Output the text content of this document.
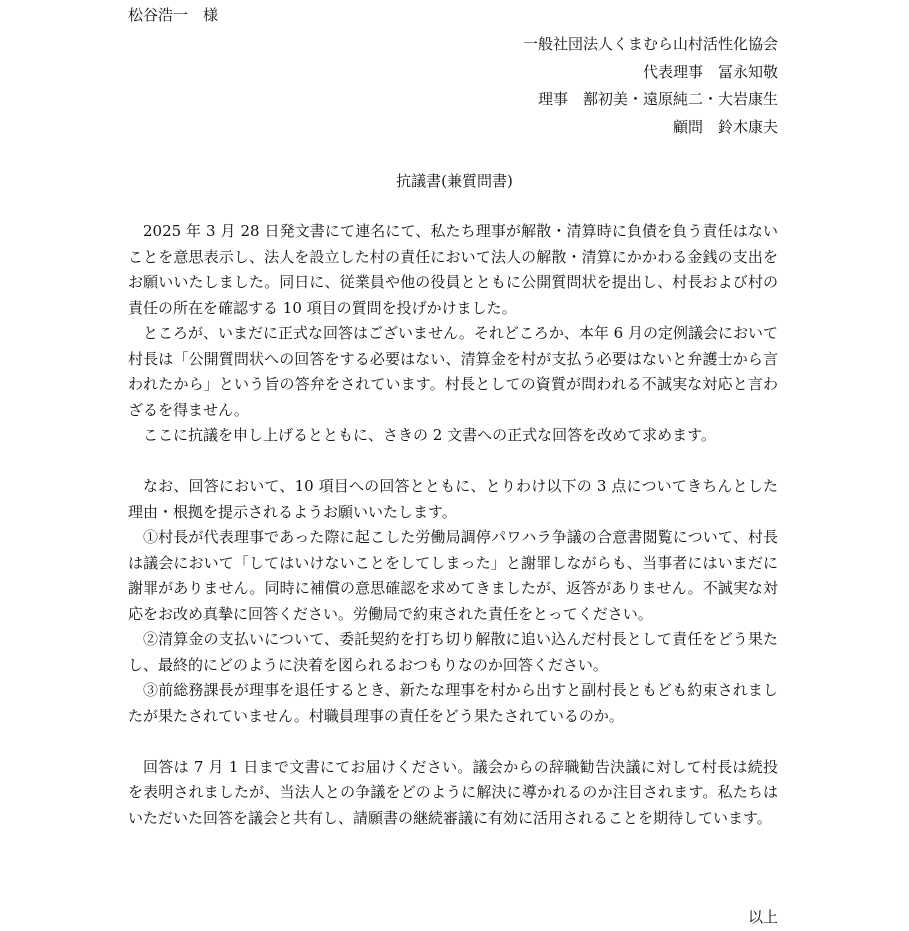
松谷浩一　様
一般社団法人くまむら山村活性化協会
代表理事　冨永知敬
理事　鄯初美・遠原純二・大岩康生
顧問　鈴木康夫
抗議書(兼質問書)

2025 年 3 月 28 日発文書にて連名にて、私たち理事が解散・清算時に負債を負う責任はないことを意思表示し、法人を設立した村の責任において法人の解散・清算にかかわる金銭の支出をお願いいたしました。同日に、従業員や他の役員とともに公開質問状を提出し、村長および村の責任の所在を確認する 10 項目の質問を投げかけました。

ところが、いまだに正式な回答はございません。それどころか、本年 6 月の定例議会において村長は「公開質問状への回答をする必要はない、清算金を村が支払う必要はないと弁護士から言われたから」という旨の答弁をされています。村長としての資質が問われる不誠実な対応と言わざるを得ません。

ここに抗議を申し上げるとともに、さきの 2 文書への正式な回答を改めて求めます。

なお、回答において、10 項目への回答とともに、とりわけ以下の 3 点についてきちんとした理由・根拠を提示されるようお願いいたします。

①村長が代表理事であった際に起こした労働局調停パワハラ争議の合意書閲覧について、村長は議会において「してはいけないことをしてしまった」と謝罪しながらも、当事者にはいまだに謝罪がありません。同時に補償の意思確認を求めてきましたが、返答がありません。不誠実な対応をお改め真摯に回答ください。労働局で約束された責任をとってください。

②清算金の支払いについて、委託契約を打ち切り解散に追い込んだ村長として責任をどう果たし、最終的にどのように決着を図られるおつもりなのか回答ください。

③前総務課長が理事を退任するとき、新たな理事を村から出すと副村長ともども約束されましたが果たされていません。村職員理事の責任をどう果たされているのか。

回答は 7 月 1 日まで文書にてお届けください。議会からの辞職勧告決議に対して村長は続投を表明されましたが、当法人との争議をどのように解決に導かれるのか注目されます。私たちはいただいた回答を議会と共有し、請願書の継続審議に有効に活用されることを期待しています。

以上
